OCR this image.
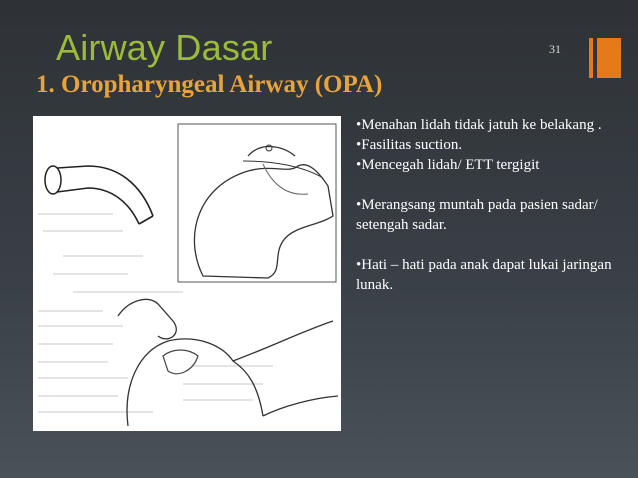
Airway Dasar
1. Oropharyngeal Airway (OPA)
31

•Menahan lidah tidak jatuh ke belakang .

•Fasilitas suction.

•Mencegah lidah/ ETT tergigit

•Merangsang muntah pada pasien sadar/ setengah sadar.

•Hati – hati pada anak dapat lukai jaringan lunak.
